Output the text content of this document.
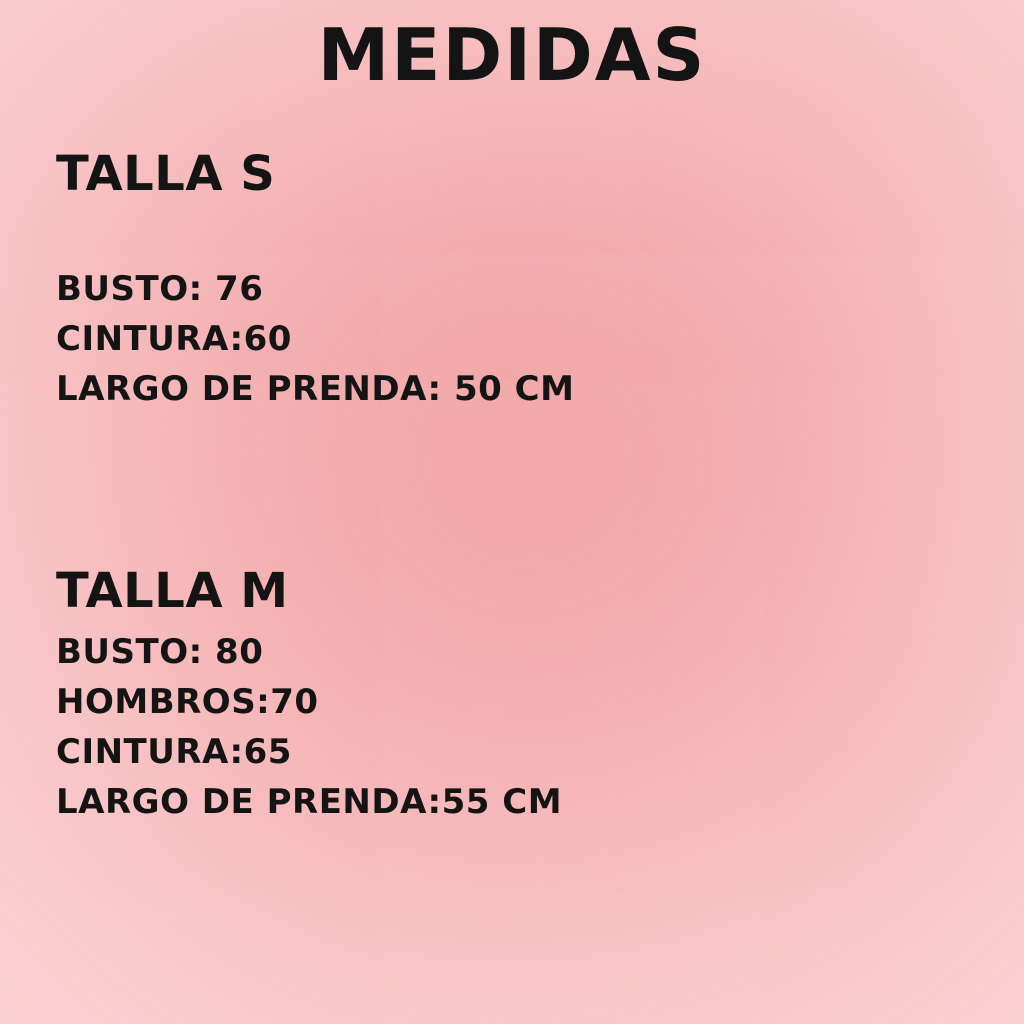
MEDIDAS
TALLA S

BUSTO: 76

CINTURA:60

LARGO DE PRENDA: 50 CM

TALLA M

BUSTO: 80

HOMBROS:70

CINTURA:65

LARGO DE PRENDA:55 CM
